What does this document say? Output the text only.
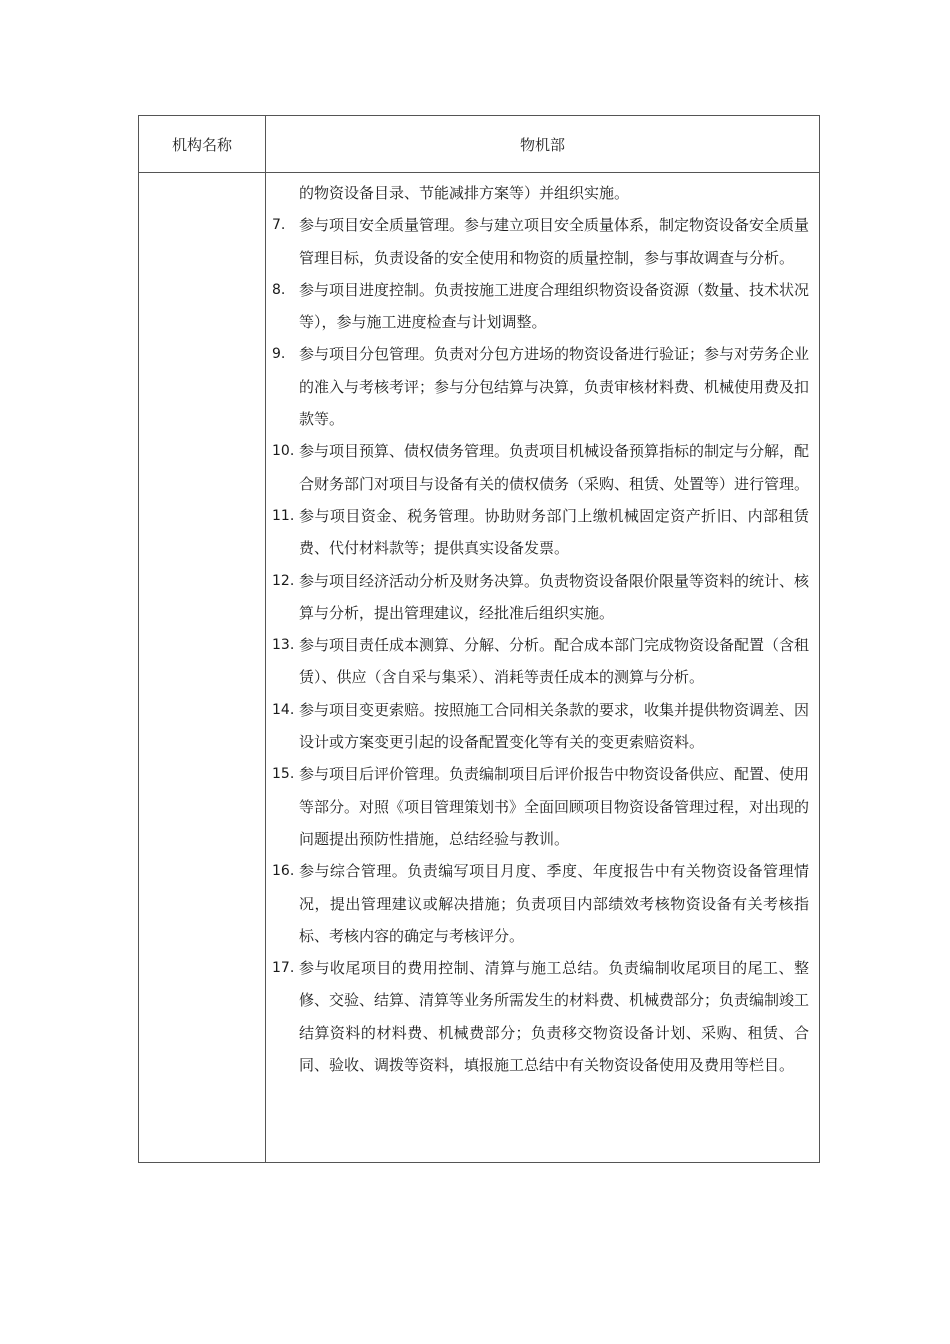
机构名称	物机部
的物资设备目录、节能减排方案等）并组织实施。
7. 参与项目安全质量管理。参与建立项目安全质量体系，制定物资设备安全质量管理目标，负责设备的安全使用和物资的质量控制，参与事故调查与分析。
8. 参与项目进度控制。负责按施工进度合理组织物资设备资源（数量、技术状况等），参与施工进度检查与计划调整。
9. 参与项目分包管理。负责对分包方进场的物资设备进行验证；参与对劳务企业的准入与考核考评；参与分包结算与决算，负责审核材料费、机械使用费及扣款等。
10. 参与项目预算、债权债务管理。负责项目机械设备预算指标的制定与分解，配合财务部门对项目与设备有关的债权债务（采购、租赁、处置等）进行管理。
11. 参与项目资金、税务管理。协助财务部门上缴机械固定资产折旧、内部租赁费、代付材料款等；提供真实设备发票。
12. 参与项目经济活动分析及财务决算。负责物资设备限价限量等资料的统计、核算与分析，提出管理建议，经批准后组织实施。
13. 参与项目责任成本测算、分解、分析。配合成本部门完成物资设备配置（含租赁）、供应（含自采与集采）、消耗等责任成本的测算与分析。
14. 参与项目变更索赔。按照施工合同相关条款的要求，收集并提供物资调差、因设计或方案变更引起的设备配置变化等有关的变更索赔资料。
15. 参与项目后评价管理。负责编制项目后评价报告中物资设备供应、配置、使用等部分。对照《项目管理策划书》全面回顾项目物资设备管理过程，对出现的问题提出预防性措施，总结经验与教训。
16. 参与综合管理。负责编写项目月度、季度、年度报告中有关物资设备管理情况，提出管理建议或解决措施；负责项目内部绩效考核物资设备有关考核指标、考核内容的确定与考核评分。
17. 参与收尾项目的费用控制、清算与施工总结。负责编制收尾项目的尾工、整修、交验、结算、清算等业务所需发生的材料费、机械费部分；负责编制竣工结算资料的材料费、机械费部分；负责移交物资设备计划、采购、租赁、合同、验收、调拨等资料，填报施工总结中有关物资设备使用及费用等栏目。
